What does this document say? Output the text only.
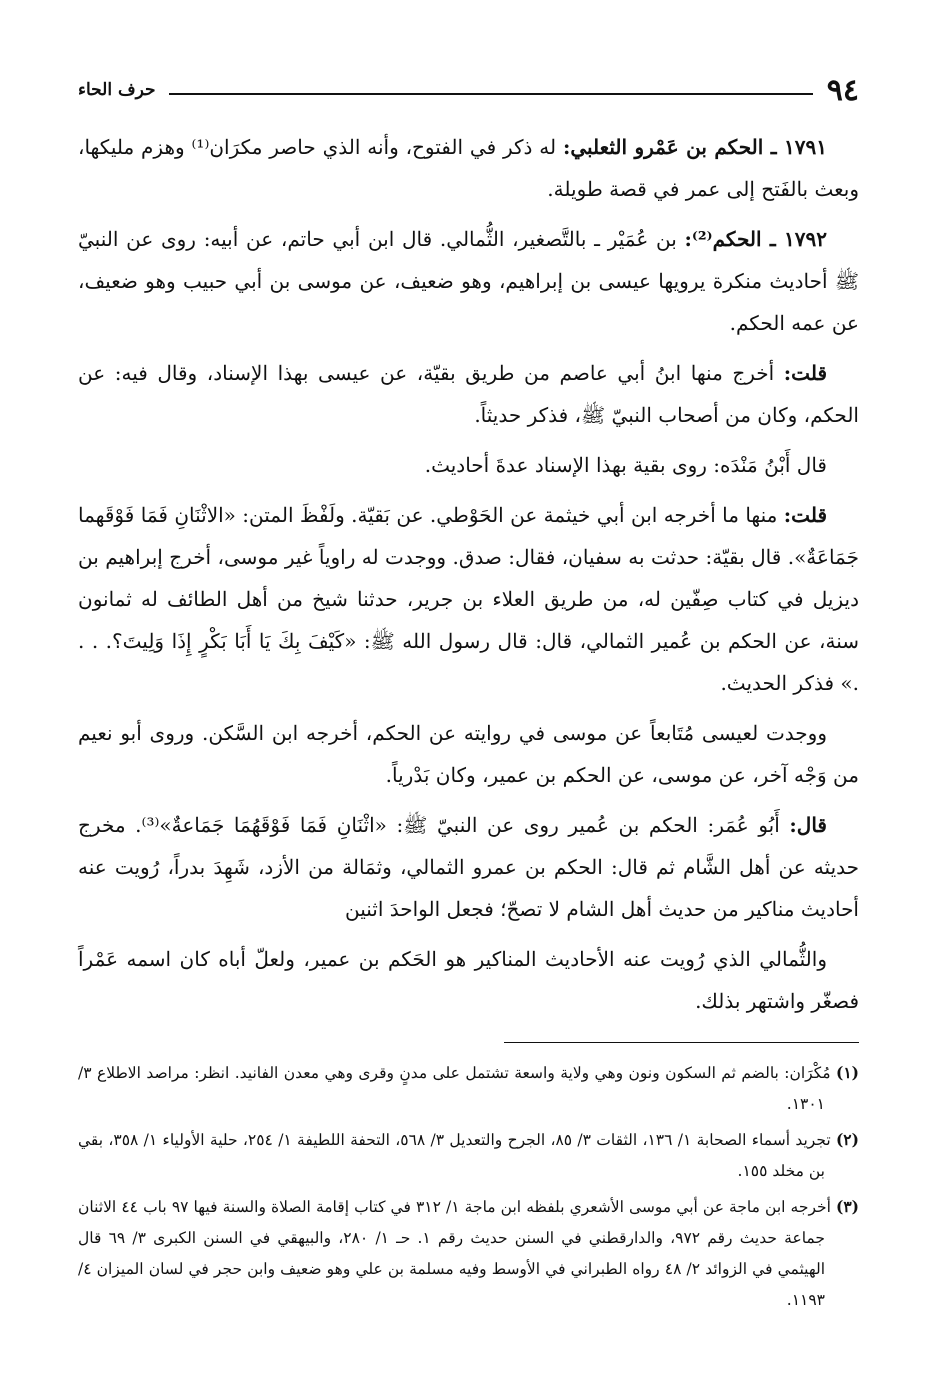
٩٤
حرف الحاء

١٧٩١ ـ الحكم بن عَمْرو الثعلبي: له ذكر في الفتوح، وأنه الذي حاصر مكرَان⁽¹⁾ وهزم مليكها، وبعث بالفَتح إلى عمر في قصة طويلة.

١٧٩٢ ـ الحكم⁽²⁾: بن عُمَيْر ـ بالتَّصغير، الثُّمالي. قال ابن أبي حاتم، عن أبيه: روى عن النبيّ ﷺ أحاديث منكرة يرويها عيسى بن إبراهيم، وهو ضعيف، عن موسى بن أبي حبيب وهو ضعيف، عن عمه الحكم.

قلت: أخرج منها ابنُ أبي عاصم من طريق بقيّة، عن عيسى بهذا الإسناد، وقال فيه: عن الحكم، وكان من أصحاب النبيّ ﷺ، فذكر حديثاً.

قال أَبْنُ مَنْدَه: روى بقية بهذا الإسناد عدةَ أحاديث.

قلت: منها ما أخرجه ابن أبي خيثمة عن الحَوْطي. عن بَقيّة. ولَفْظَ المتن: «الاثْنَانِ فَمَا فَوْقَهما جَمَاعَةٌ». قال بقيّة: حدثت به سفيان، فقال: صدق. ووجدت له راوياً غير موسى، أخرج إبراهيم بن ديزيل في كتاب صِفّين له، من طريق العلاء بن جرير، حدثنا شيخ من أهل الطائف له ثمانون سنة، عن الحكم بن عُمير الثمالي، قال: قال رسول الله ﷺ: «كَيْفَ بِكَ يَا أَبَا بَكْرٍ إِذَا وَلِيتَ؟. . . .» فذكر الحديث.

ووجدت لعيسى مُتَابعاً عن موسى في روايته عن الحكم، أخرجه ابن السَّكن. وروى أبو نعيم من وَجْه آخر، عن موسى، عن الحكم بن عمير، وكان بَدْرياً.

قال: أَبُو عُمَر: الحكم بن عُمير روى عن النبيّ ﷺ: «اثْنَانِ فَمَا فَوْقَهُمَا جَمَاعةٌ»⁽³⁾. مخرج حديثه عن أهل الشَّام ثم قال: الحكم بن عمرو الثمالي، وثمَالة من الأزد، شَهِدَ بدراً، رُويت عنه أحاديث مناكير من حديث أهل الشام لا تصحّ؛ فجعل الواحدَ اثنين

والثُّمالي الذي رُويت عنه الأحاديث المناكير هو الحَكم بن عمير، ولعلّ أباه كان اسمه عَمْراً فصغّر واشتهر بذلك.

(١) مُكْرَان: بالضم ثم السكون ونون وهي ولاية واسعة تشتمل على مدنٍ وقرى وهي معدن الفانيد. انظر: مراصد الاطلاع ٣/ ١٣٠١.

(٢) تجريد أسماء الصحابة ١/ ١٣٦، الثقات ٣/ ٨٥، الجرح والتعديل ٣/ ٥٦٨، التحفة اللطيفة ١/ ٢٥٤، حلية الأولياء ١/ ٣٥٨، بقي بن مخلد ١٥٥.

(٣) أخرجه ابن ماجة عن أبي موسى الأشعري بلفظه ابن ماجة ١/ ٣١٢ في كتاب إقامة الصلاة والسنة فيها ٩٧ باب ٤٤ الاثنان جماعة حديث رقم ٩٧٢، والدارقطني في السنن حديث رقم ١. حـ ١/ ٢٨٠، والبيهقي في السنن الكبرى ٣/ ٦٩ قال الهيثمي في الزوائد ٢/ ٤٨ رواه الطبراني في الأوسط وفيه مسلمة بن علي وهو ضعيف وابن حجر في لسان الميزان ٤/ ١١٩٣.
